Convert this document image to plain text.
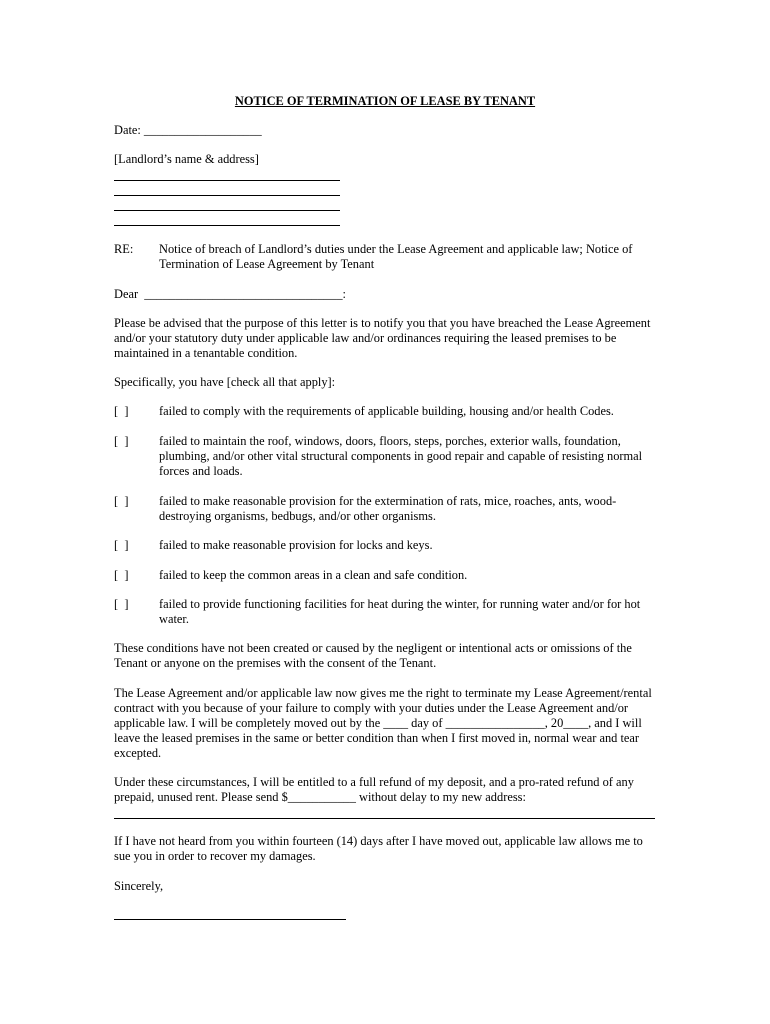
NOTICE OF TERMINATION OF LEASE BY TENANT
Date: ___________________
[Landlord’s name & address]
RE: Notice of breach of Landlord’s duties under the Lease Agreement and applicable law; Notice of Termination of Lease Agreement by Tenant
Dear  ________________________________:
Please be advised that the purpose of this letter is to notify you that you have breached the Lease Agreement and/or your statutory duty under applicable law and/or ordinances requiring the leased premises to be maintained in a tenantable condition.
Specifically, you have [check all that apply]:
[  ] failed to comply with the requirements of applicable building, housing and/or health Codes.
[  ] failed to maintain the roof, windows, doors, floors, steps, porches, exterior walls, foundation, plumbing, and/or other vital structural components in good repair and capable of resisting normal forces and loads.
[  ] failed to make reasonable provision for the extermination of rats, mice, roaches, ants, wood-destroying organisms, bedbugs, and/or other organisms.
[  ] failed to make reasonable provision for locks and keys.
[  ] failed to keep the common areas in a clean and safe condition.
[  ] failed to provide functioning facilities for heat during the winter, for running water and/or for hot water.
These conditions have not been created or caused by the negligent or intentional acts or omissions of the Tenant or anyone on the premises with the consent of the Tenant.
The Lease Agreement and/or applicable law now gives me the right to terminate my Lease Agreement/rental contract with you because of your failure to comply with your duties under the Lease Agreement and/or applicable law. I will be completely moved out by the ____ day of ________________, 20____, and I will leave the leased premises in the same or better condition than when I first moved in, normal wear and tear excepted.
Under these circumstances, I will be entitled to a full refund of my deposit, and a pro-rated refund of any prepaid, unused rent. Please send $___________ without delay to my new address:
If I have not heard from you within fourteen (14) days after I have moved out, applicable law allows me to sue you in order to recover my damages.
Sincerely,
